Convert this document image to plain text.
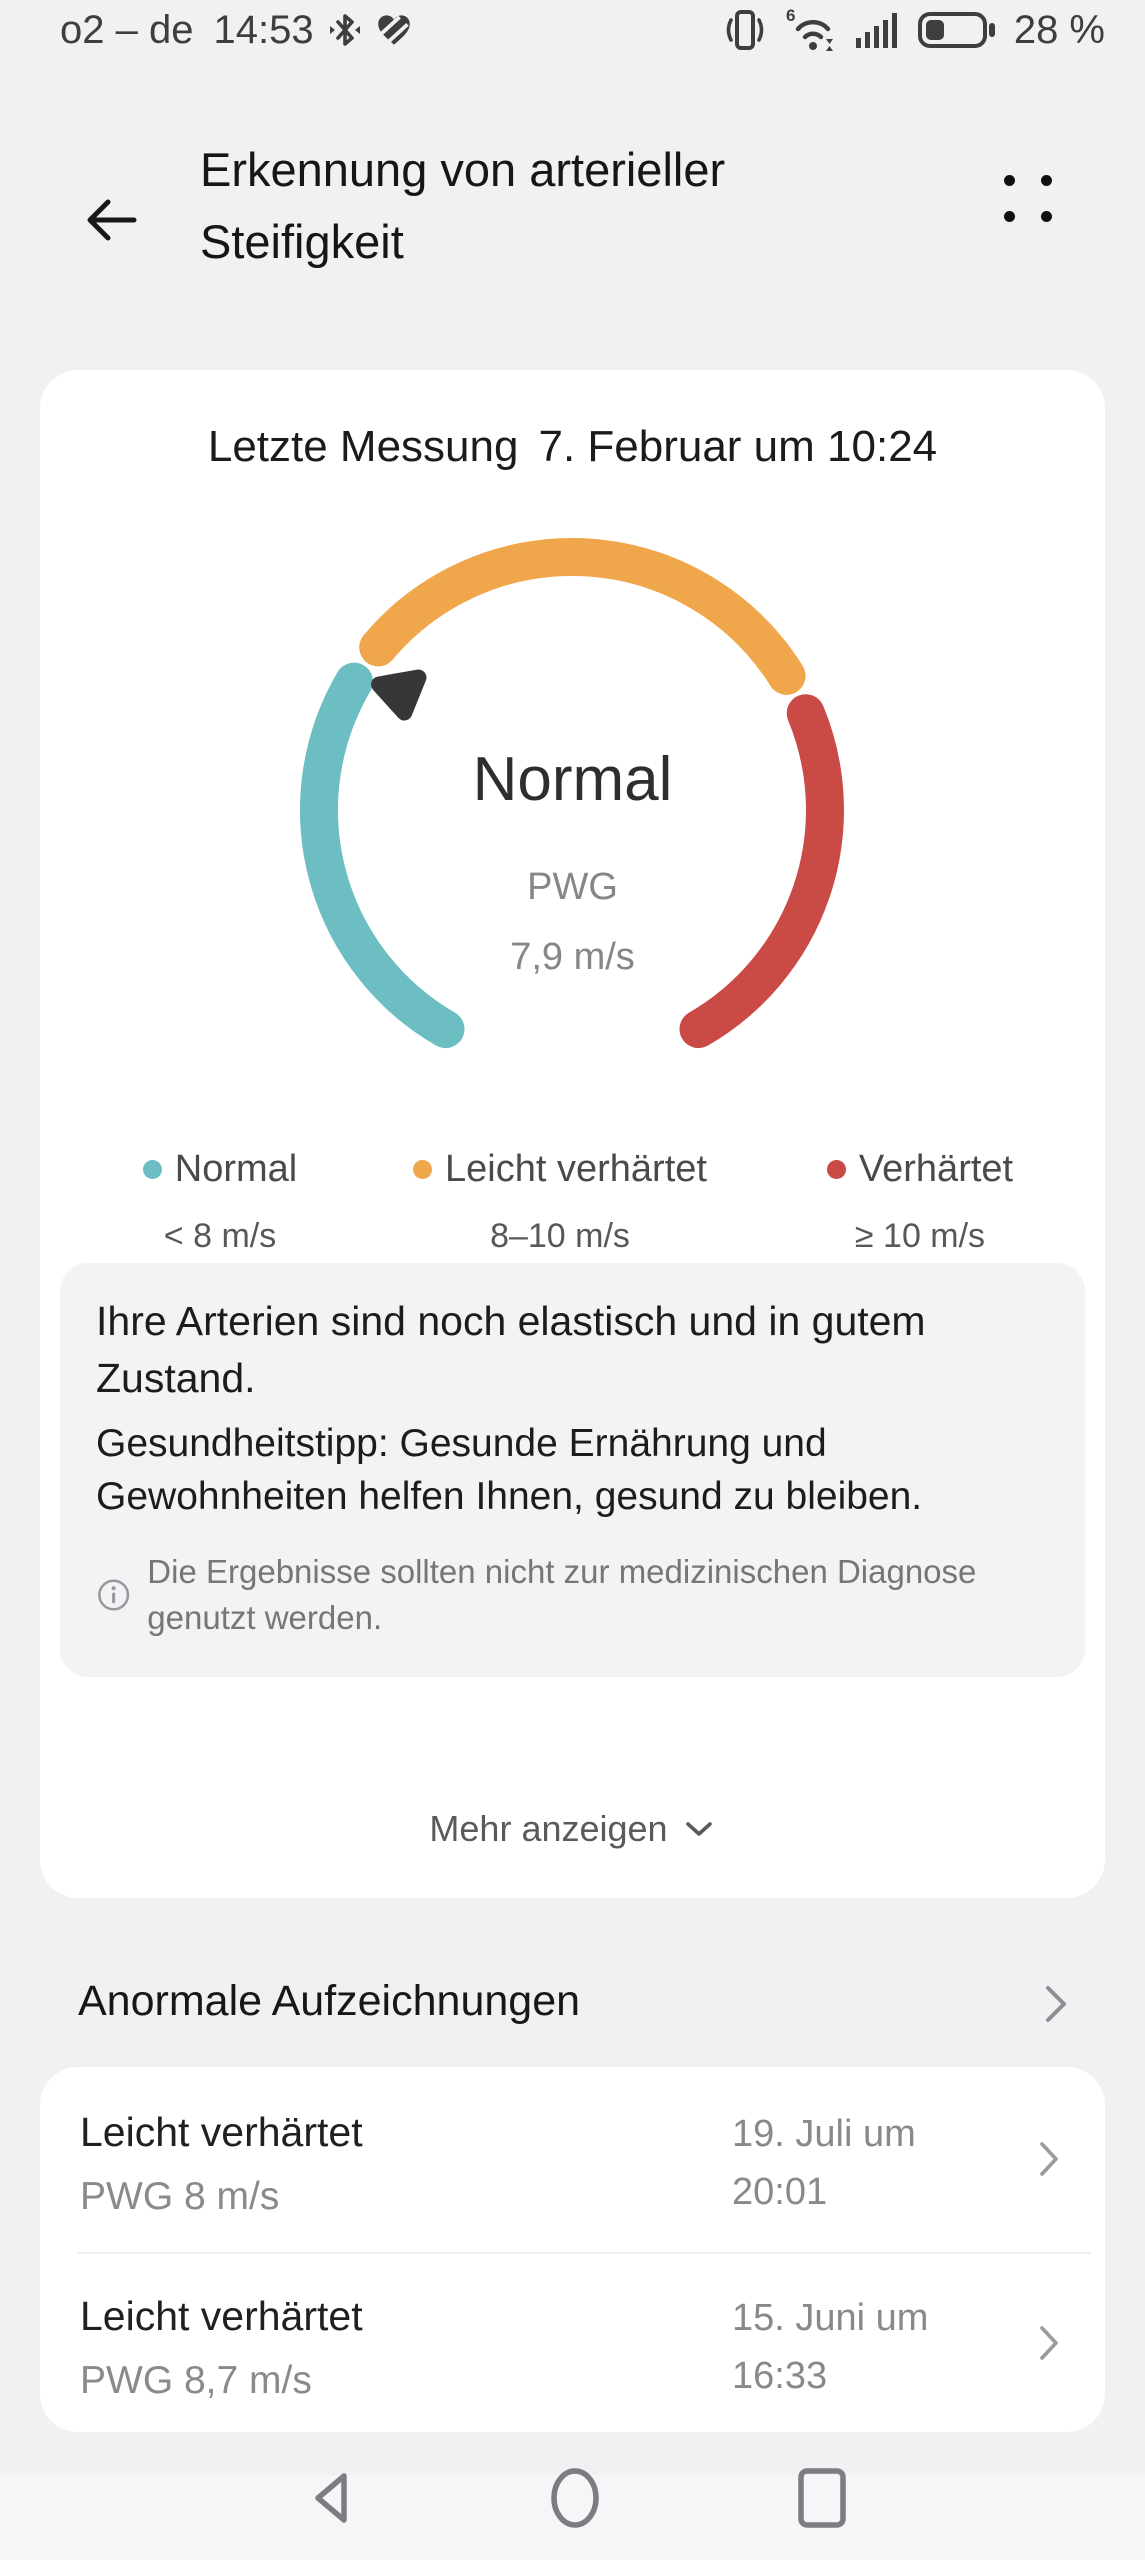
o2 – de 14:53	6	28 %
Erkennung von arterieller Steifigkeit
Letzte Messung 7. Februar um 10:24
Normal
PWG
7,9 m/s
Normal
< 8 m/s
Leicht verhärtet
8–10 m/s
Verhärtet
≥ 10 m/s
Ihre Arterien sind noch elastisch und in gutem Zustand.
Gesundheitstipp: Gesunde Ernährung und Gewohnheiten helfen Ihnen, gesund zu bleiben.
Die Ergebnisse sollten nicht zur medizinischen Diagnose genutzt werden.
Mehr anzeigen
Anormale Aufzeichnungen
Leicht verhärtet
PWG 8 m/s
19. Juli um
20:01
Leicht verhärtet
PWG 8,7 m/s
15. Juni um
16:33
